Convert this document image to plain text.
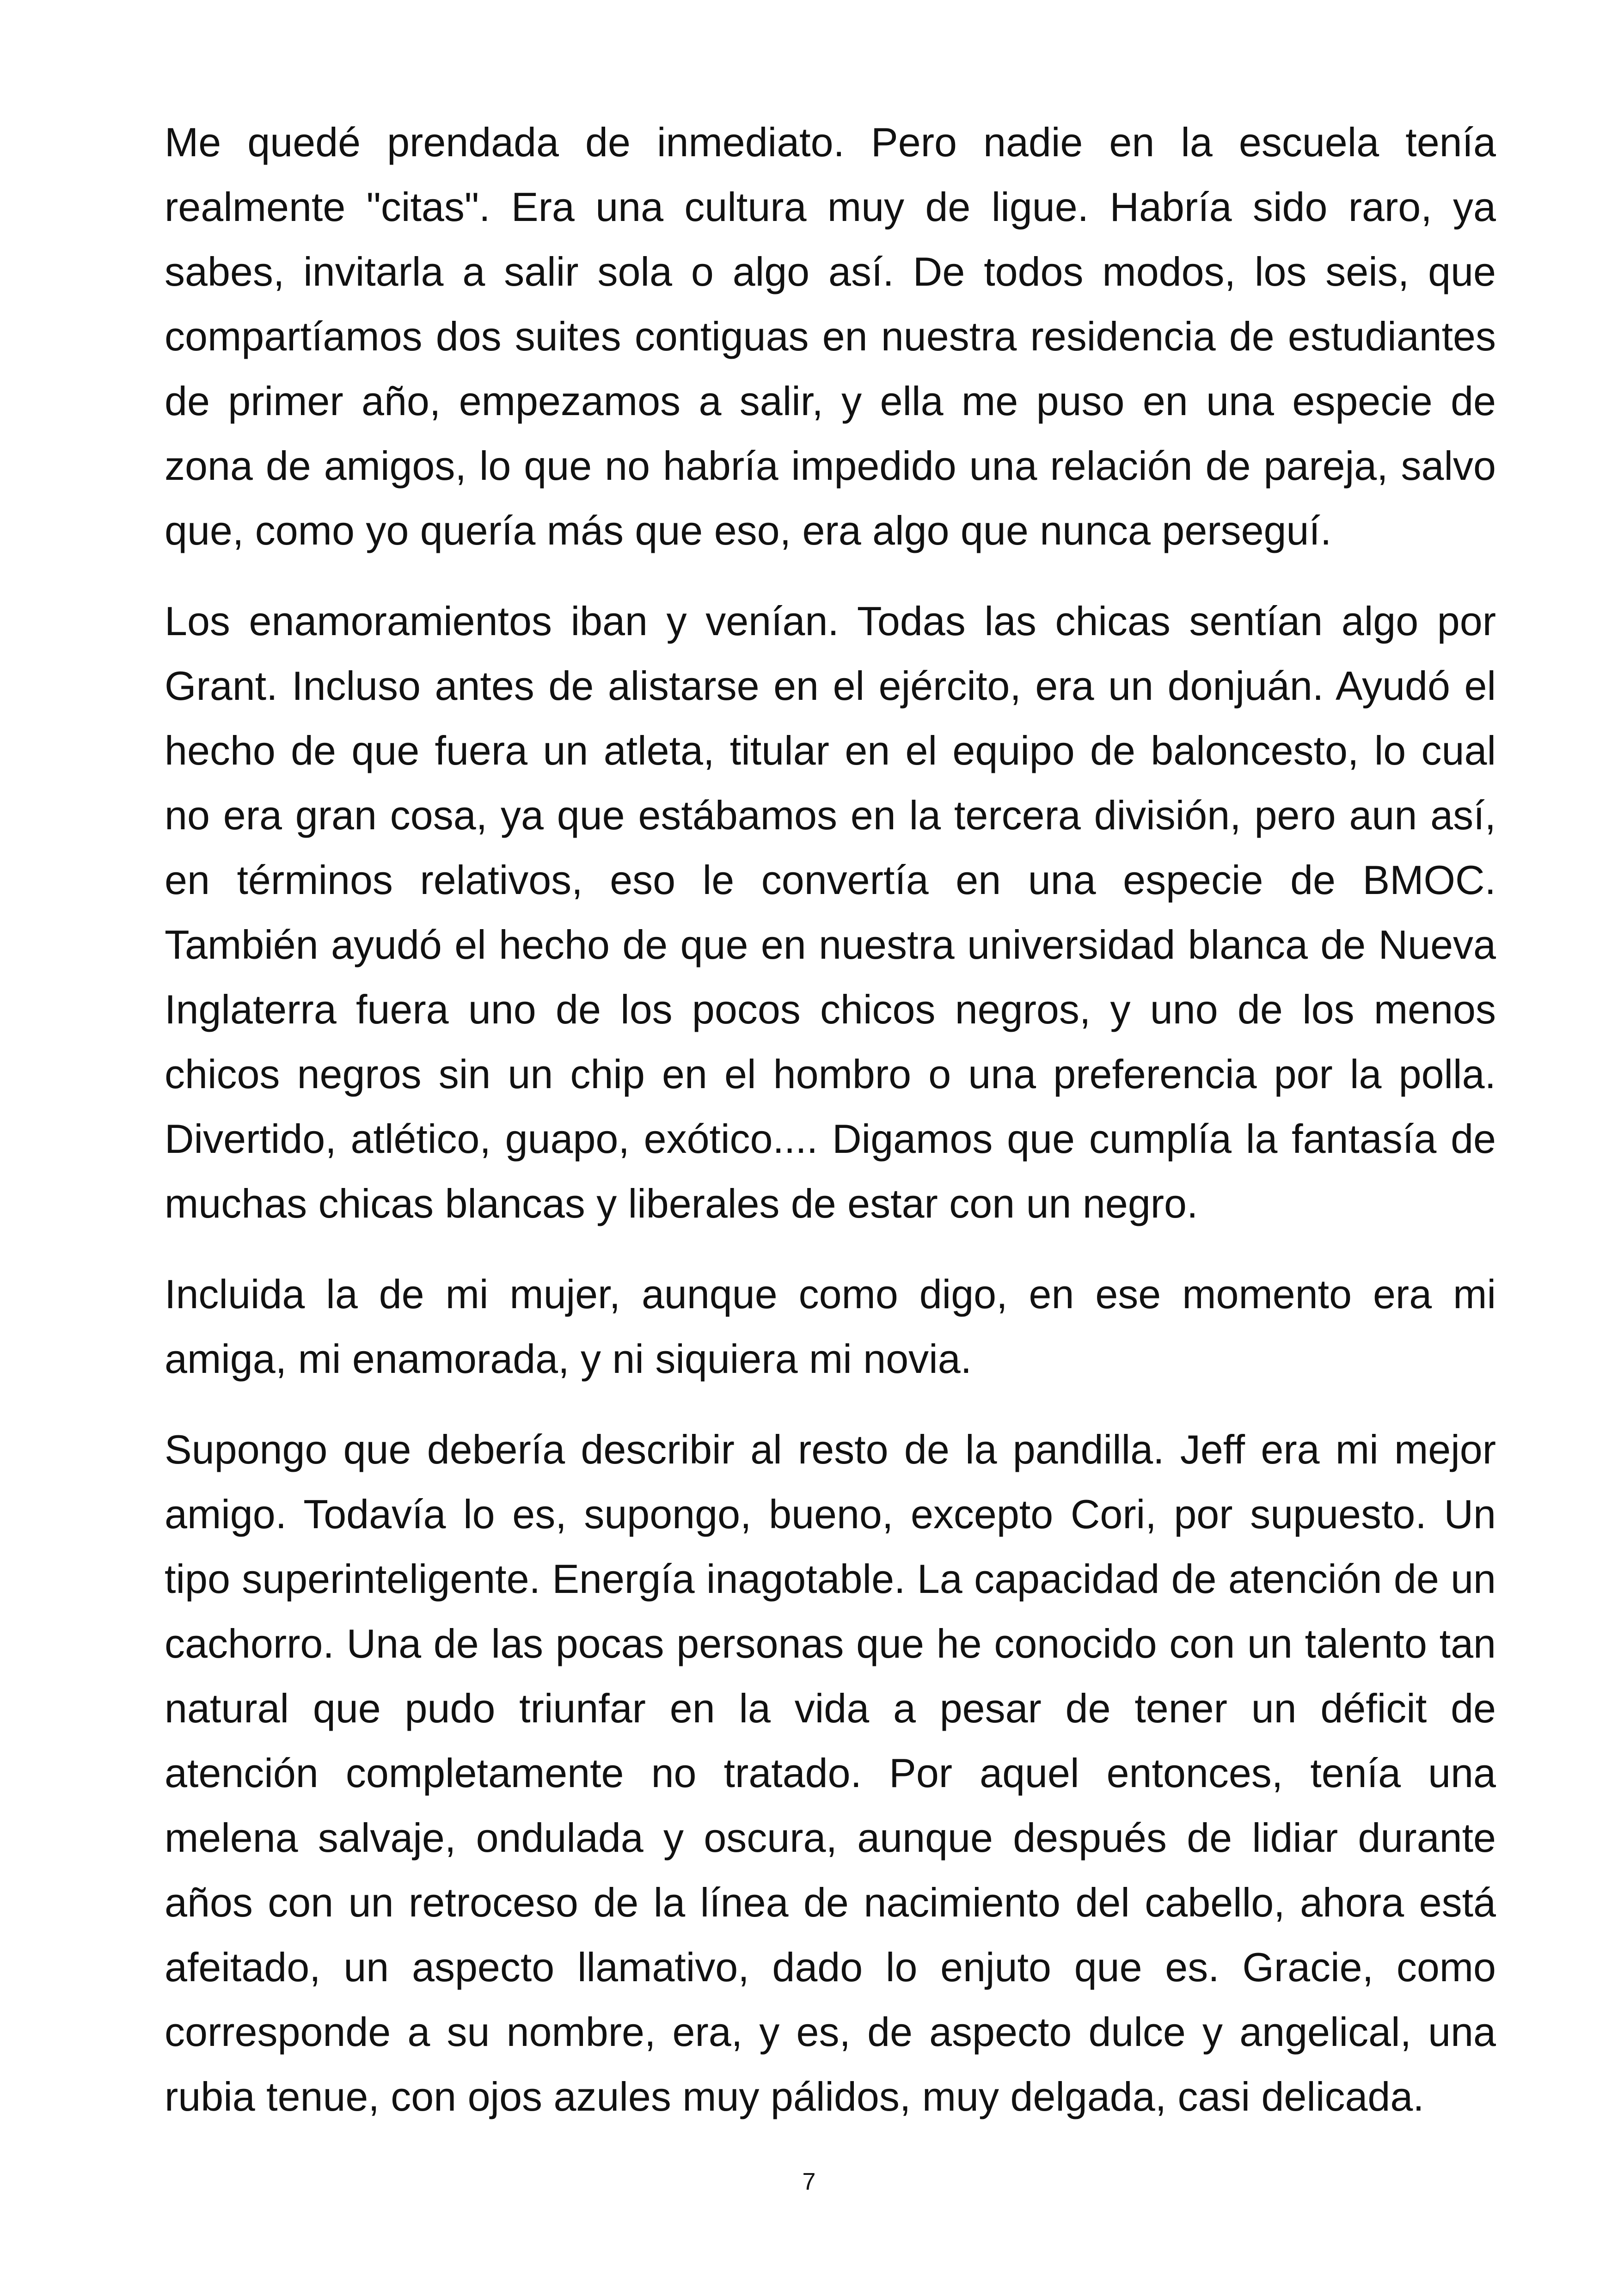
Me quedé prendada de inmediato. Pero nadie en la escuela tenía realmente "citas". Era una cultura muy de ligue. Habría sido raro, ya sabes, invitarla a salir sola o algo así. De todos modos, los seis, que compartíamos dos suites contiguas en nuestra residencia de estudiantes de primer año, empezamos a salir, y ella me puso en una especie de zona de amigos, lo que no habría impedido una relación de pareja, salvo que, como yo quería más que eso, era algo que nunca perseguí.

Los enamoramientos iban y venían. Todas las chicas sentían algo por Grant. Incluso antes de alistarse en el ejército, era un donjuán. Ayudó el hecho de que fuera un atleta, titular en el equipo de baloncesto, lo cual no era gran cosa, ya que estábamos en la tercera división, pero aun así, en términos relativos, eso le convertía en una especie de BMOC. También ayudó el hecho de que en nuestra universidad blanca de Nueva Inglaterra fuera uno de los pocos chicos negros, y uno de los menos chicos negros sin un chip en el hombro o una preferencia por la polla. Divertido, atlético, guapo, exótico.... Digamos que cumplía la fantasía de muchas chicas blancas y liberales de estar con un negro.

Incluida la de mi mujer, aunque como digo, en ese momento era mi amiga, mi enamorada, y ni siquiera mi novia.

Supongo que debería describir al resto de la pandilla. Jeff era mi mejor amigo. Todavía lo es, supongo, bueno, excepto Cori, por supuesto. Un tipo superinteligente. Energía inagotable. La capacidad de atención de un cachorro. Una de las pocas personas que he conocido con un talento tan natural que pudo triunfar en la vida a pesar de tener un déficit de atención completamente no tratado. Por aquel entonces, tenía una melena salvaje, ondulada y oscura, aunque después de lidiar durante años con un retroceso de la línea de nacimiento del cabello, ahora está afeitado, un aspecto llamativo, dado lo enjuto que es. Gracie, como corresponde a su nombre, era, y es, de aspecto dulce y angelical, una rubia tenue, con ojos azules muy pálidos, muy delgada, casi delicada.

7
